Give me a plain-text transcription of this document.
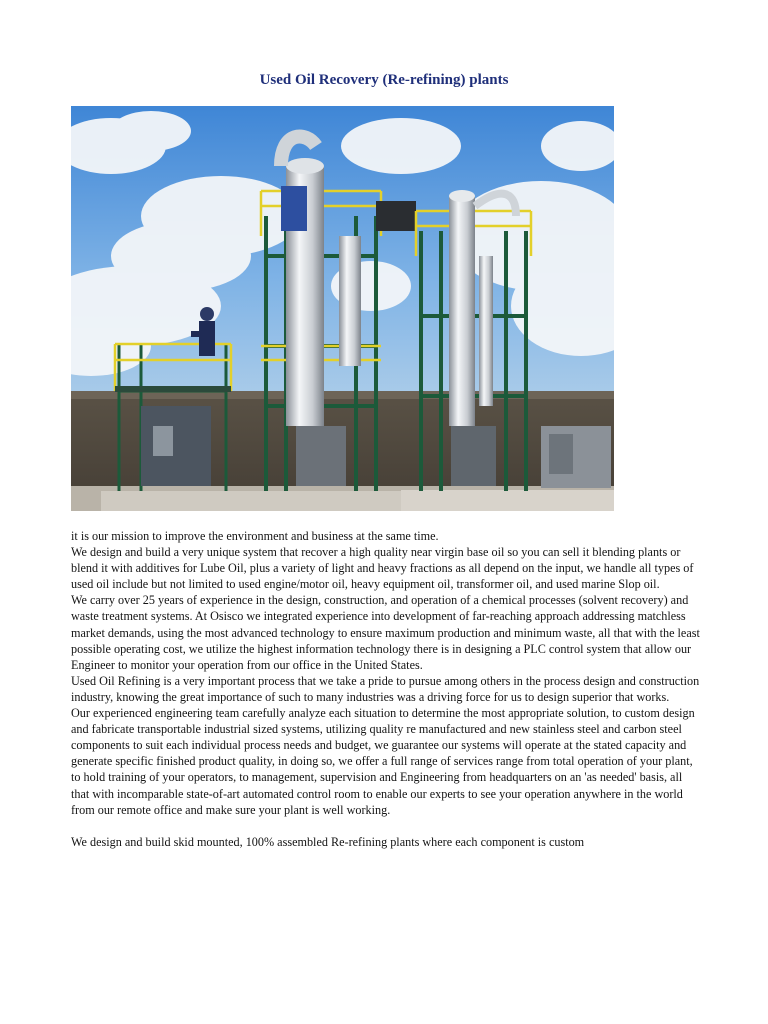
Used Oil Recovery (Re-refining) plants

it is our mission to improve the environment and business at the same time.

We design and build a very unique system that recover a high quality near virgin base oil so you can sell it blending plants or blend it with additives for Lube Oil, plus a variety of light and heavy fractions as all depend on the input, we handle all types of used oil include but not limited to used engine/motor oil, heavy equipment oil, transformer oil, and used marine Slop oil.

We carry over 25 years of experience in the design, construction, and operation of a chemical processes (solvent recovery) and waste treatment systems. At Osisco we integrated experience into development of far-reaching approach addressing matchless market demands, using the most advanced technology to ensure maximum production and minimum waste, all that with the least possible operating cost, we utilize the highest information technology there is in designing a PLC control system that allow our Engineer to monitor your operation from our office in the United States.

Used Oil Refining is a very important process that we take a pride to pursue among others in the process design and construction industry, knowing the great importance of such to many industries was a driving force for us to design superior that works.

Our experienced engineering team carefully analyze each situation to determine the most appropriate solution, to custom design and fabricate transportable industrial sized systems, utilizing quality re manufactured and new stainless steel and carbon steel components to suit each individual process needs and budget, we guarantee our systems will operate at the stated capacity and generate specific finished product quality, in doing so, we offer a full range of services range from total operation of your plant, to hold training of your operators, to management, supervision and Engineering from headquarters on an 'as needed' basis, all that with incomparable state-of-art automated control room to enable our experts to see your operation anywhere in the world from our remote office and make sure your plant is well working.

We design and build skid mounted, 100% assembled Re-refining plants where each component is custom
